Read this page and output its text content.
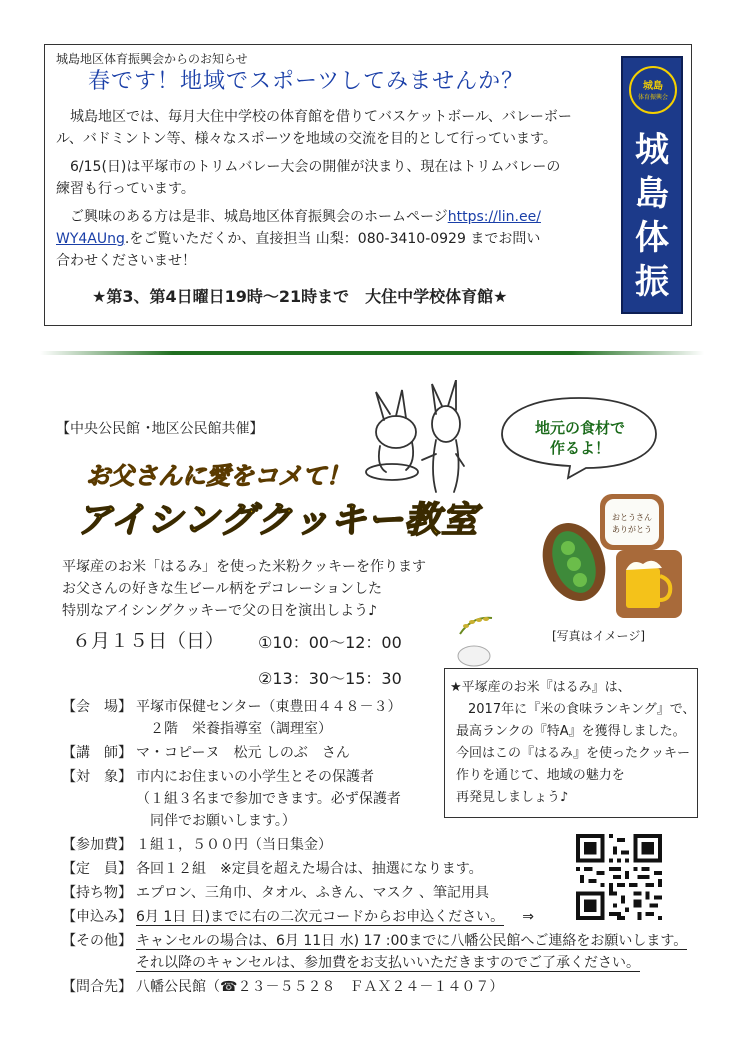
城島地区体育振興会からのお知らせ
春です！地域でスポーツしてみませんか？
　城島地区では、毎月大住中学校の体育館を借りてバスケットボール、バレーボー
ル、バドミントン等、様々なスポーツを地域の交流を目的として行っています。
　6/15(日)は平塚市のトリムバレー大会の開催が決まり、現在はトリムバレーの
練習も行っています。
　ご興味のある方は是非、城島地区体育振興会のホームページhttps://lin.ee/
WY4AUng.をご覧いただくか、直接担当 山梨：080-3410-0929 までお問い
合わせくださいませ！
★第3、第4日曜日19時～21時まで　大住中学校体育館★
城島
体育振興会
城
島
体
振
【中央公民館 ･地区公民館共催】
お父さんに愛をコメて！
アイシングクッキー教室
地元の食材で
作るよ！
おとうさん
ありがとう
平塚産のお米「はるみ」を使った米粉クッキーを作ります
お父さんの好きな生ビール柄をデコレーションした
特別なアイシングクッキーで父の日を演出しよう♪
６月１５日（日） ①10：00～12：00
②13：30～15：30
[写真はイメージ]
【会　場】 平塚市保健センター（東豊田４４８－３）
　２階　栄養指導室（調理室）
【講　師】 マ・コピーヌ　松元 しのぶ　さん
【対　象】 市内にお住まいの小学生とその保護者
（１組３名まで参加できます。必ず保護者
　同伴でお願いします。）
【参加費】 １組１，５００円（当日集金）
【定　員】 各回１２組　※定員を超えた場合は、抽選になります。
【持ち物】 エプロン、三角巾、タオル、ふきん、マスク 、筆記用具
【申込み】 6月 1日 日)までに右の二次元コードからお申込ください。 ⇒
【その他】 キャンセルの場合は、6月 11日 水) 17 :00までに八幡公民館へご連絡をお願いします。
それ以降のキャンセルは、参加費をお支払いいただきますのでご了承ください。
【問合先】 八幡公民館（☎２３－５５２８　ＦＡＸ２４－１４０７）
★平塚産のお米『はるみ』は、
2017年に『米の食味ランキング』で、
最高ランクの『特A』を獲得しました。
今回はこの『はるみ』を使ったクッキー
作りを通じて、地域の魅力を
再発見しましょう♪
